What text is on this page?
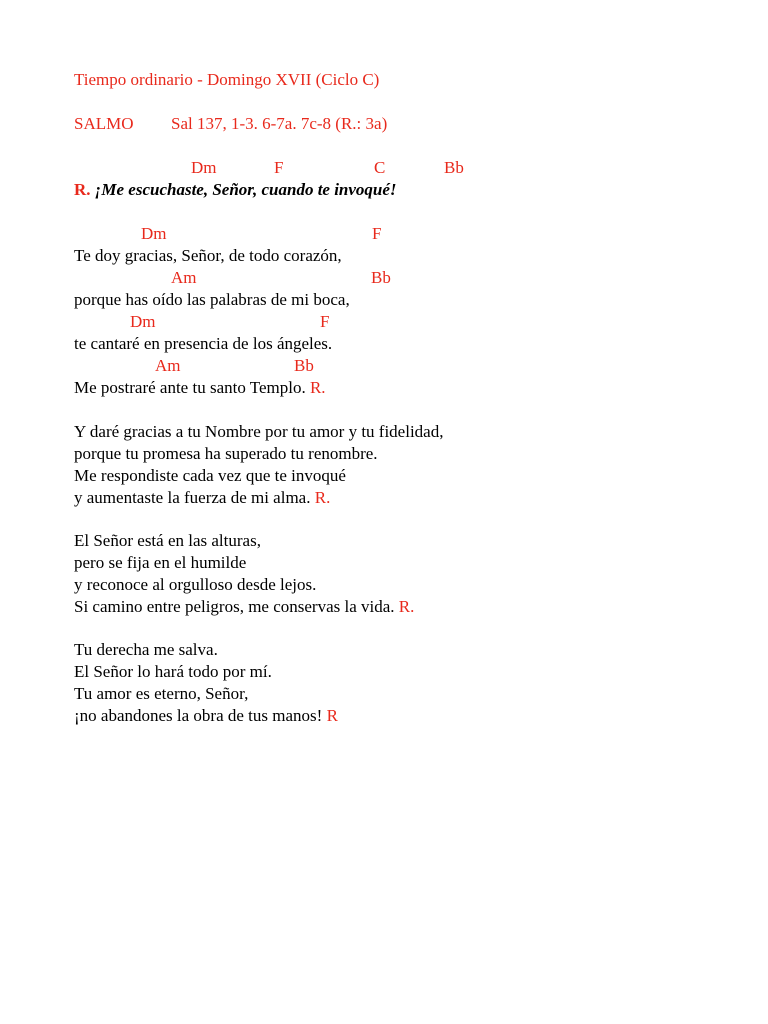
Tiempo ordinario - Domingo XVII (Ciclo C)
SALMO Sal 137, 1-3. 6-7a. 7c-8 (R.: 3a)
Dm	F	C	Bb
R. ¡Me escuchaste, Señor, cuando te invoqué!
Dm	F
Te doy gracias, Señor, de todo corazón,
Am	Bb
porque has oído las palabras de mi boca,
Dm	F
te cantaré en presencia de los ángeles.
Am	Bb
Me postraré ante tu santo Templo. R.
Y daré gracias a tu Nombre por tu amor y tu fidelidad,
porque tu promesa ha superado tu renombre.
Me respondiste cada vez que te invoqué
y aumentaste la fuerza de mi alma. R.
El Señor está en las alturas,
pero se fija en el humilde
y reconoce al orgulloso desde lejos.
Si camino entre peligros, me conservas la vida. R.
Tu derecha me salva.
El Señor lo hará todo por mí.
Tu amor es eterno, Señor,
¡no abandones la obra de tus manos! R
